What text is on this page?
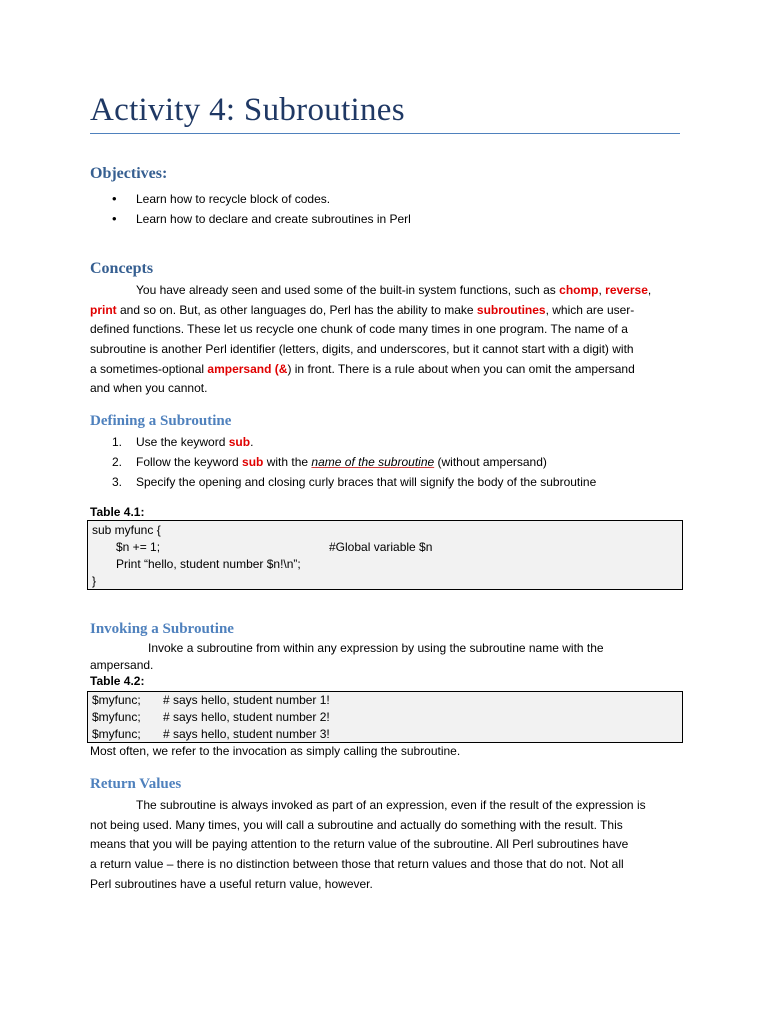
Activity 4: Subroutines
Objectives:
• Learn how to recycle block of codes.
• Learn how to declare and create subroutines in Perl
Concepts
You have already seen and used some of the built-in system functions, such as chomp, reverse,
print and so on. But, as other languages do, Perl has the ability to make subroutines, which are user-
defined functions. These let us recycle one chunk of code many times in one program. The name of a
subroutine is another Perl identifier (letters, digits, and underscores, but it cannot start with a digit) with
a sometimes-optional ampersand (&) in front. There is a rule about when you can omit the ampersand
and when you cannot.
Defining a Subroutine
1. Use the keyword sub.
2. Follow the keyword sub with the name of the subroutine (without ampersand)
3. Specify the opening and closing curly braces that will signify the body of the subroutine
Table 4.1:
sub myfunc {
$n += 1;	#Global variable $n
Print “hello, student number $n!\n”;
}
Invoking a Subroutine
Invoke a subroutine from within any expression by using the subroutine name with the
ampersand.
Table 4.2:
$myfunc; # says hello, student number 1!
$myfunc; # says hello, student number 2!
$myfunc; # says hello, student number 3!
Most often, we refer to the invocation as simply calling the subroutine.
Return Values
The subroutine is always invoked as part of an expression, even if the result of the expression is
not being used. Many times, you will call a subroutine and actually do something with the result. This
means that you will be paying attention to the return value of the subroutine. All Perl subroutines have
a return value – there is no distinction between those that return values and those that do not. Not all
Perl subroutines have a useful return value, however.
